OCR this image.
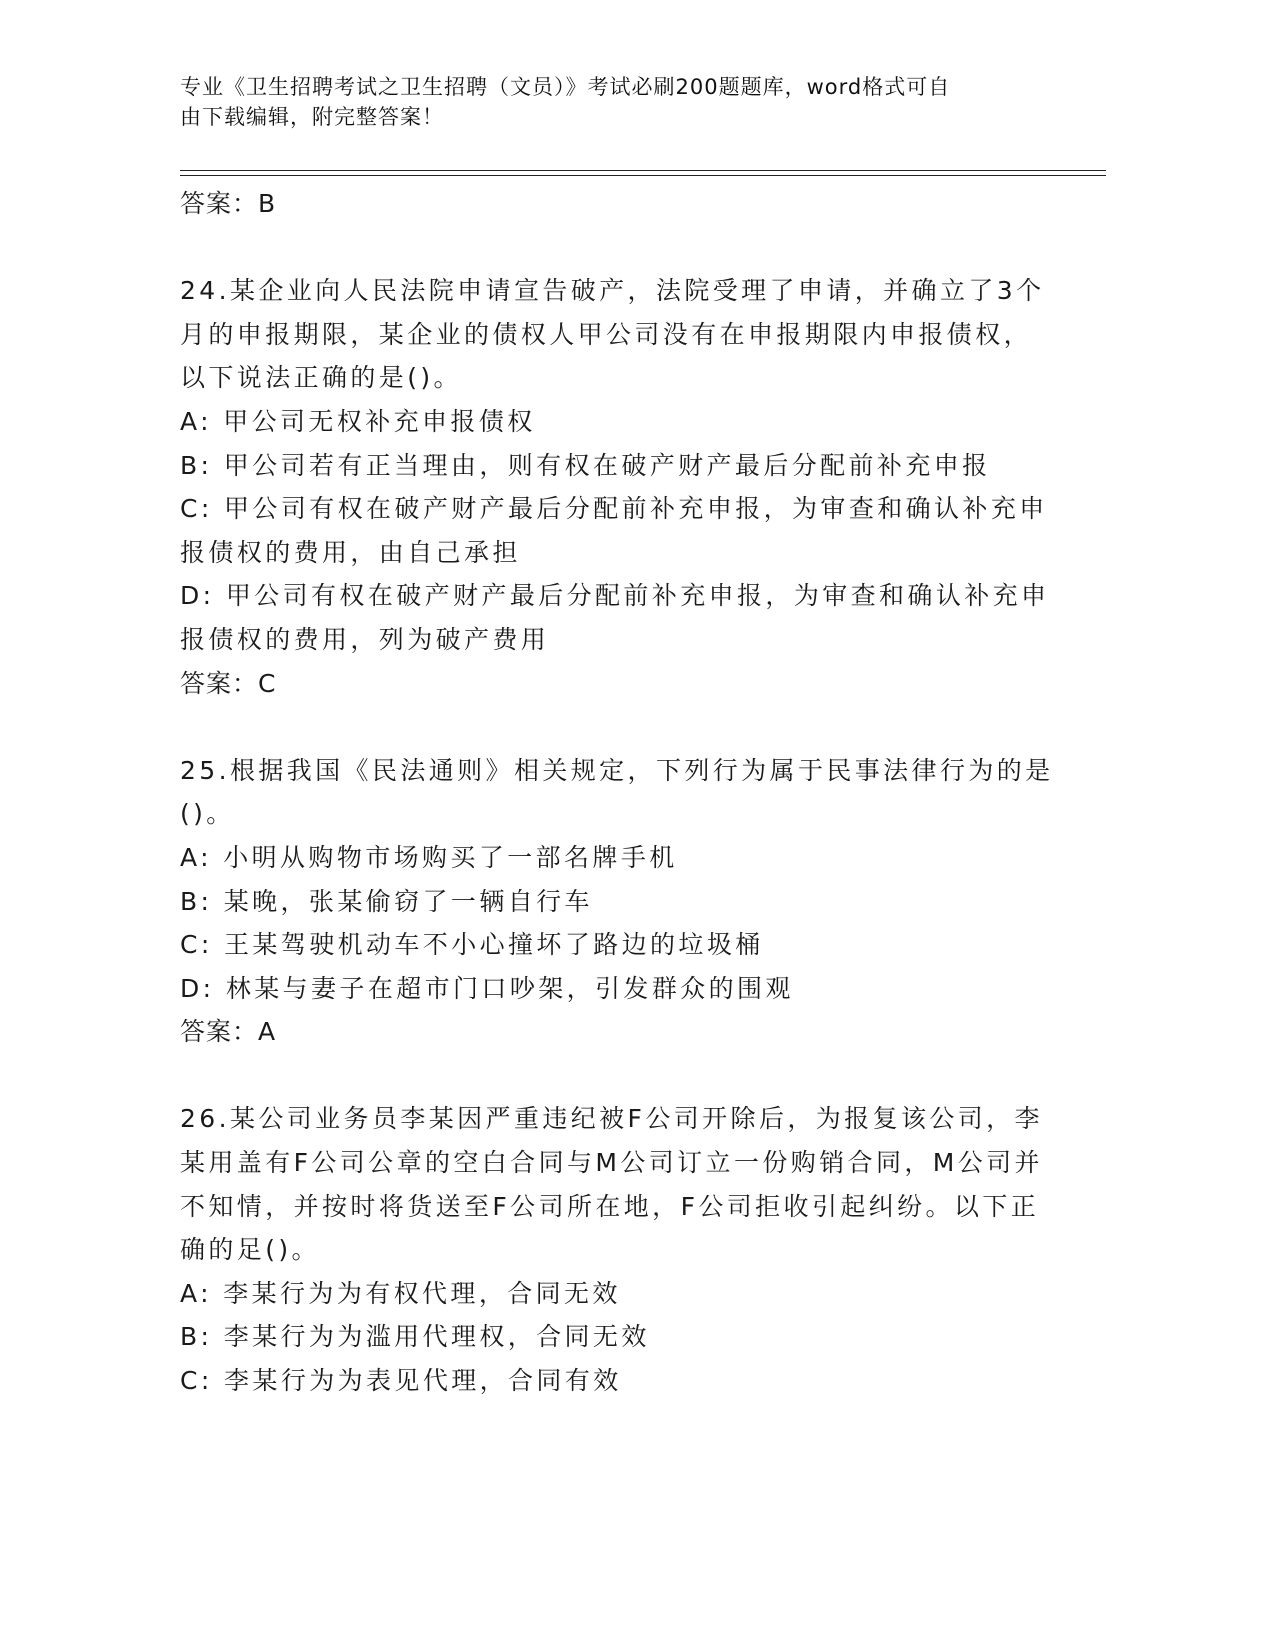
专业《卫生招聘考试之卫生招聘（文员）》考试必刷200题题库，word格式可自
由下载编辑，附完整答案！
答案：B
24.某企业向人民法院申请宣告破产，法院受理了申请，并确立了3个
月的申报期限，某企业的债权人甲公司没有在申报期限内申报债权，
以下说法正确的是()。
A: 甲公司无权补充申报债权
B: 甲公司若有正当理由，则有权在破产财产最后分配前补充申报
C: 甲公司有权在破产财产最后分配前补充申报，为审查和确认补充申
报债权的费用，由自己承担
D: 甲公司有权在破产财产最后分配前补充申报，为审查和确认补充申
报债权的费用，列为破产费用
答案：C
25.根据我国《民法通则》相关规定，下列行为属于民事法律行为的是
()。
A: 小明从购物市场购买了一部名牌手机
B: 某晚，张某偷窃了一辆自行车
C: 王某驾驶机动车不小心撞坏了路边的垃圾桶
D: 林某与妻子在超市门口吵架，引发群众的围观
答案：A
26.某公司业务员李某因严重违纪被F公司开除后，为报复该公司，李
某用盖有F公司公章的空白合同与M公司订立一份购销合同，M公司并
不知情，并按时将货送至F公司所在地，F公司拒收引起纠纷。以下正
确的足()。
A: 李某行为为有权代理，合同无效
B: 李某行为为滥用代理权，合同无效
C: 李某行为为表见代理，合同有效
